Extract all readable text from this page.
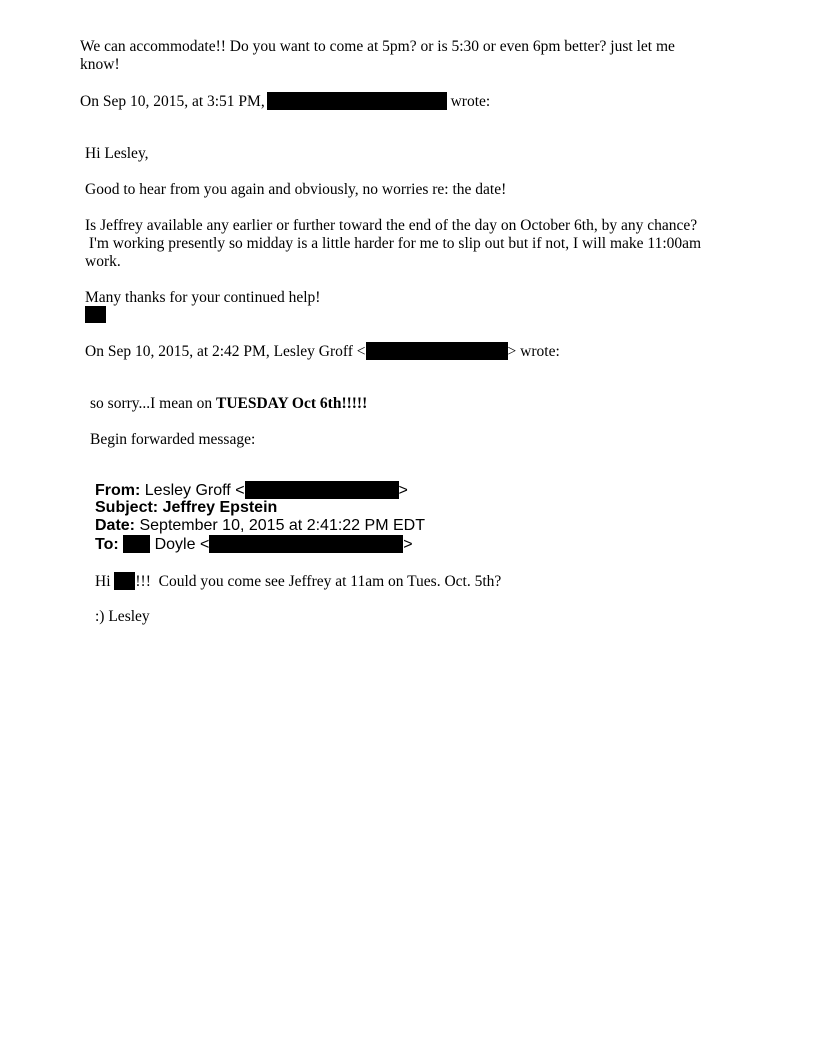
We can accommodate!! Do you want to come at 5pm? or is 5:30 or even 6pm better? just let me
know!
On Sep 10, 2015, at 3:51 PM,	wrote:
Hi Lesley,
Good to hear from you again and obviously, no worries re: the date!
Is Jeffrey available any earlier or further toward the end of the day on October 6th, by any chance?
I'm working presently so midday is a little harder for me to slip out but if not, I will make 11:00am
work.
Many thanks for your continued help!
On Sep 10, 2015, at 2:42 PM, Lesley Groff <	> wrote:
so sorry...I mean on TUESDAY Oct 6th!!!!!
Begin forwarded message:
From: Lesley Groff <	>
Subject: Jeffrey Epstein
Date: September 10, 2015 at 2:41:22 PM EDT
To: Doyle <	>
Hi !!!  Could you come see Jeffrey at 11am on Tues. Oct. 5th?
:) Lesley
